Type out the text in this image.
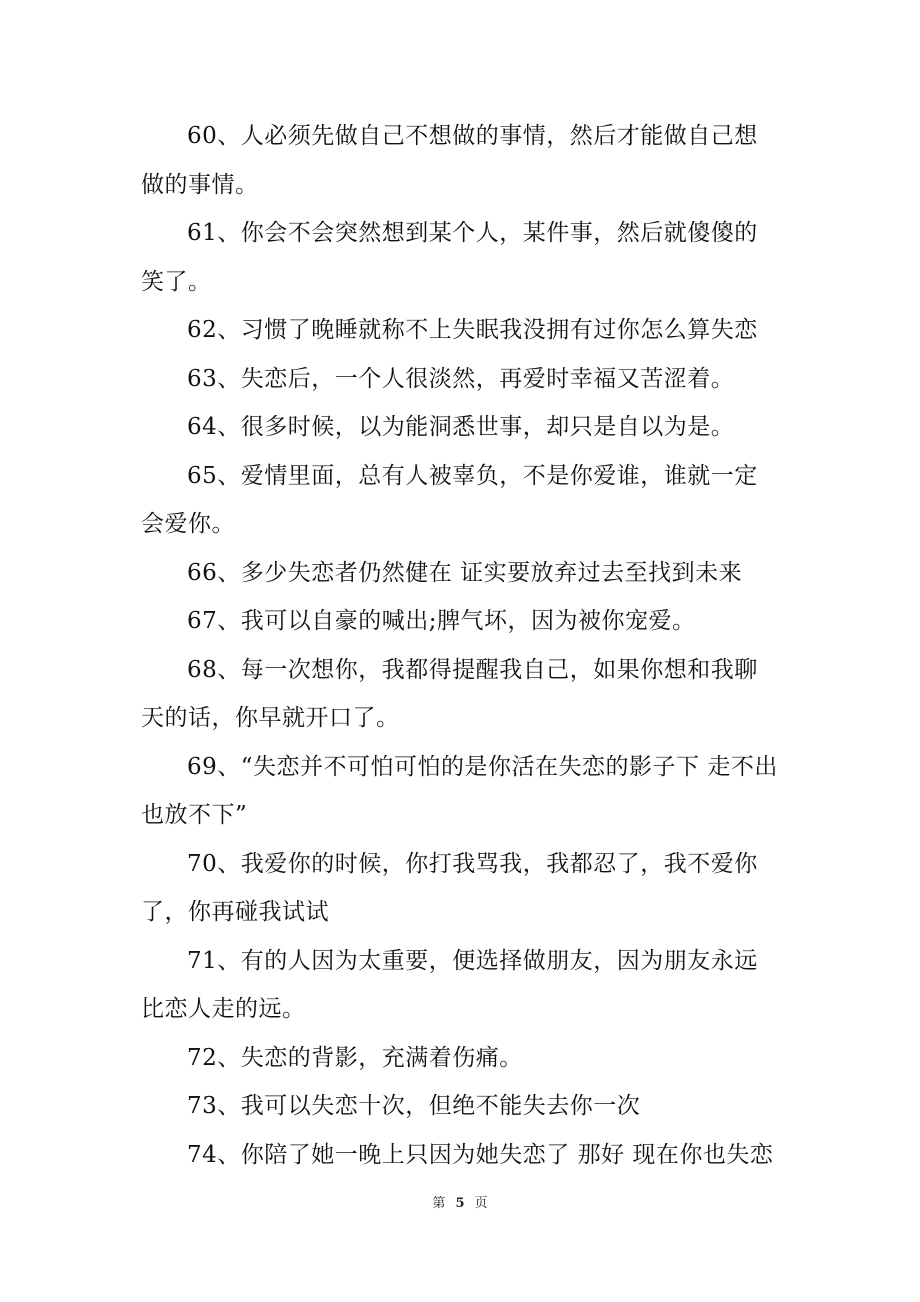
60、人必须先做自己不想做的事情，然后才能做自己想做的事情。

61、你会不会突然想到某个人，某件事，然后就傻傻的笑了。

62、习惯了晚睡就称不上失眠我没拥有过你怎么算失恋

63、失恋后，一个人很淡然，再爱时幸福又苦涩着。

64、很多时候，以为能洞悉世事，却只是自以为是。

65、爱情里面，总有人被辜负，不是你爱谁，谁就一定会爱你。

66、多少失恋者仍然健在 证实要放弃过去至找到未来

67、我可以自豪的喊出;脾气坏，因为被你宠爱。

68、每一次想你，我都得提醒我自己，如果你想和我聊天的话，你早就开口了。

69、“失恋并不可怕可怕的是你活在失恋的影子下 走不出也放不下”

70、我爱你的时候，你打我骂我，我都忍了，我不爱你了，你再碰我试试

71、有的人因为太重要，便选择做朋友，因为朋友永远比恋人走的远。

72、失恋的背影，充满着伤痛。

73、我可以失恋十次，但绝不能失去你一次

74、你陪了她一晚上只因为她失恋了 那好 现在你也失恋

第 5 页
